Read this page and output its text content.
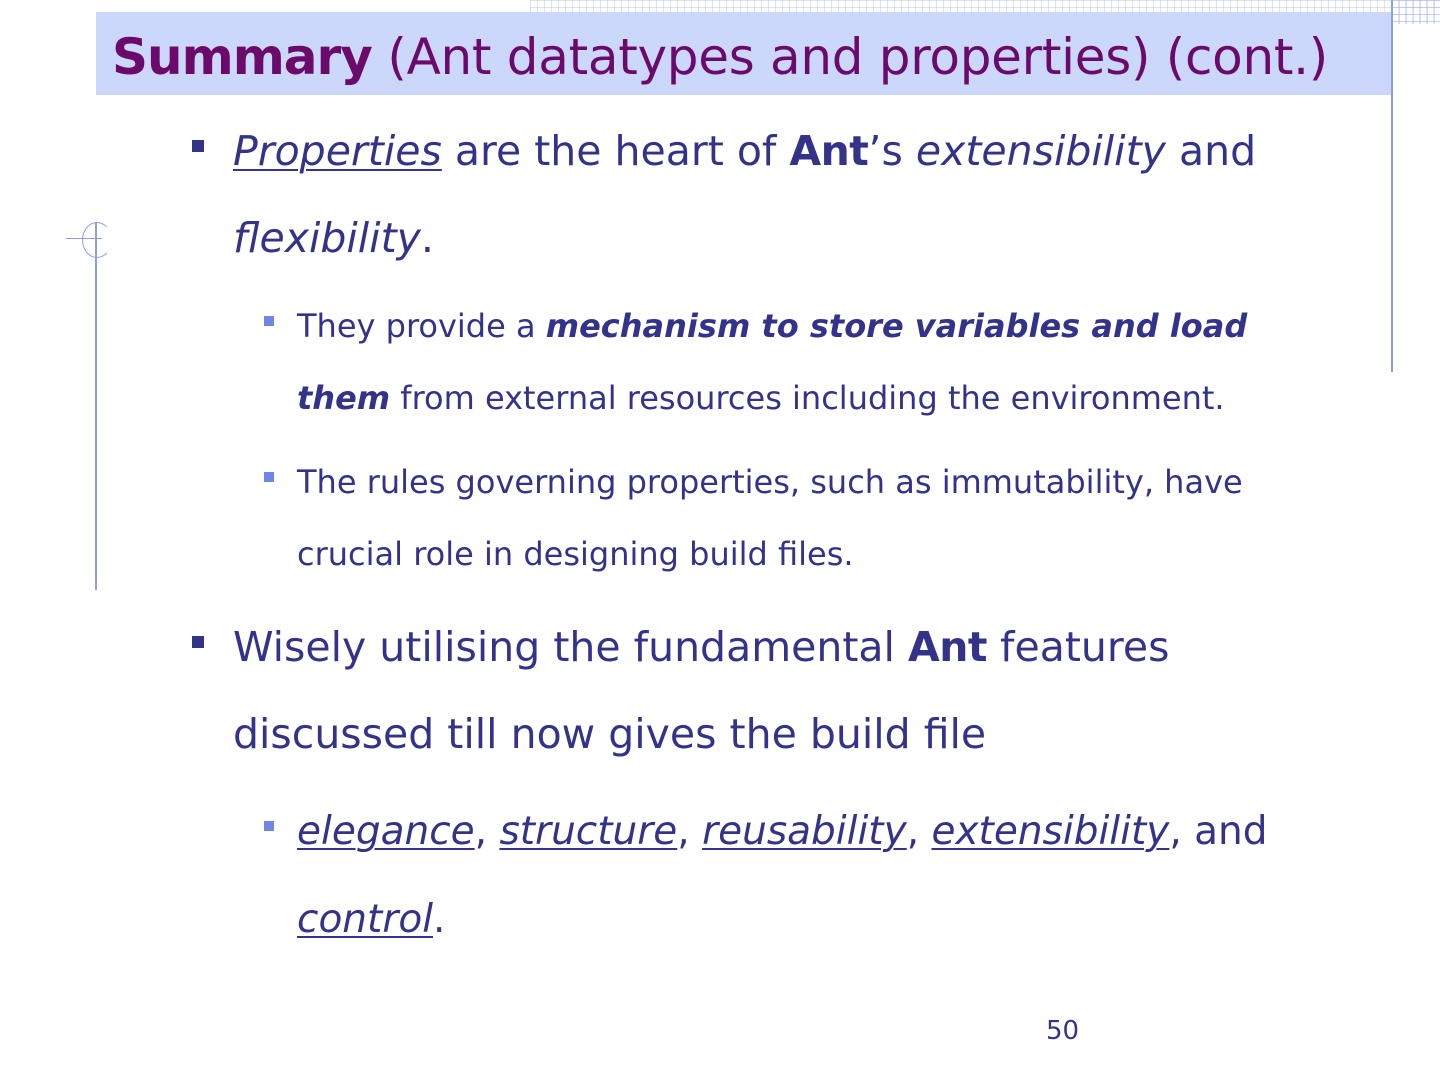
Summary (Ant datatypes and properties) (cont.)
Properties are the heart of Ant’s extensibility and flexibility.
They provide a mechanism to store variables and load them from external resources including the environment.
The rules governing properties, such as immutability, have crucial role in designing build files.
Wisely utilising the fundamental Ant features discussed till now gives the build file
elegance, structure, reusability, extensibility, and control.
50
